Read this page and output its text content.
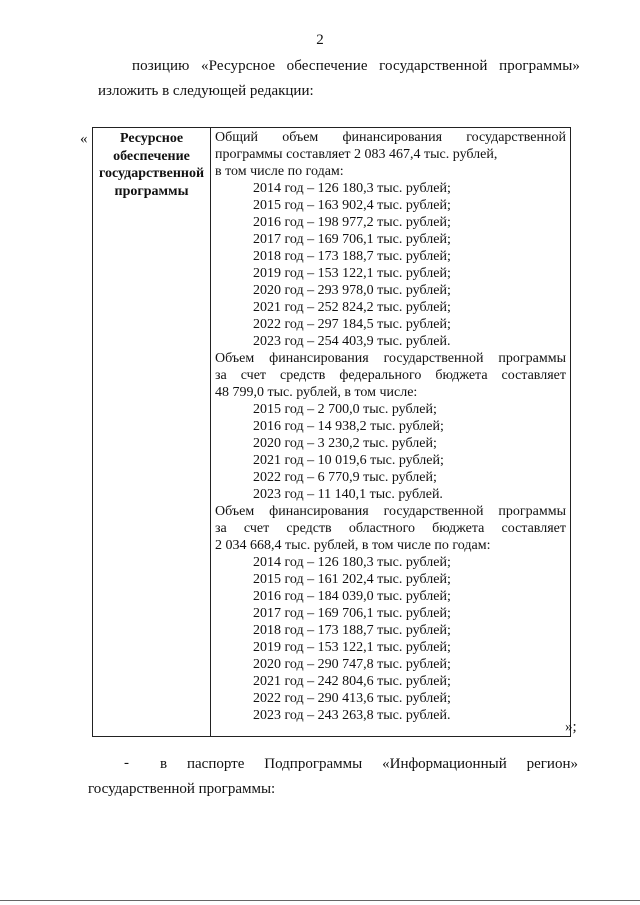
2
позицию «Ресурсное обеспечение государственной программы»
изложить в следующей редакции:
«	Ресурсное
обеспечение
государственной
программы
Общий объем финансирования государственной
программы составляет 2 083 467,4 тыс. рублей,
в том числе по годам:
2014 год – 126 180,3 тыс. рублей;
2015 год – 163 902,4 тыс. рублей;
2016 год – 198 977,2 тыс. рублей;
2017 год – 169 706,1 тыс. рублей;
2018 год – 173 188,7 тыс. рублей;
2019 год – 153 122,1 тыс. рублей;
2020 год – 293 978,0 тыс. рублей;
2021 год – 252 824,2 тыс. рублей;
2022 год – 297 184,5 тыс. рублей;
2023 год – 254 403,9 тыс. рублей.
Объем финансирования государственной программы
за счет средств федерального бюджета составляет
48 799,0 тыс. рублей, в том числе:
2015 год – 2 700,0 тыс. рублей;
2016 год – 14 938,2 тыс. рублей;
2020 год – 3 230,2 тыс. рублей;
2021 год – 10 019,6 тыс. рублей;
2022 год – 6 770,9 тыс. рублей;
2023 год – 11 140,1 тыс. рублей.
Объем финансирования государственной программы
за счет средств областного бюджета составляет
2 034 668,4 тыс. рублей, в том числе по годам:
2014 год – 126 180,3 тыс. рублей;
2015 год – 161 202,4 тыс. рублей;
2016 год – 184 039,0 тыс. рублей;
2017 год – 169 706,1 тыс. рублей;
2018 год – 173 188,7 тыс. рублей;
2019 год – 153 122,1 тыс. рублей;
2020 год – 290 747,8 тыс. рублей;
2021 год – 242 804,6 тыс. рублей;
2022 год – 290 413,6 тыс. рублей;
2023 год – 243 263,8 тыс. рублей.
»;
- в паспорте Подпрограммы «Информационный регион»
государственной программы:
